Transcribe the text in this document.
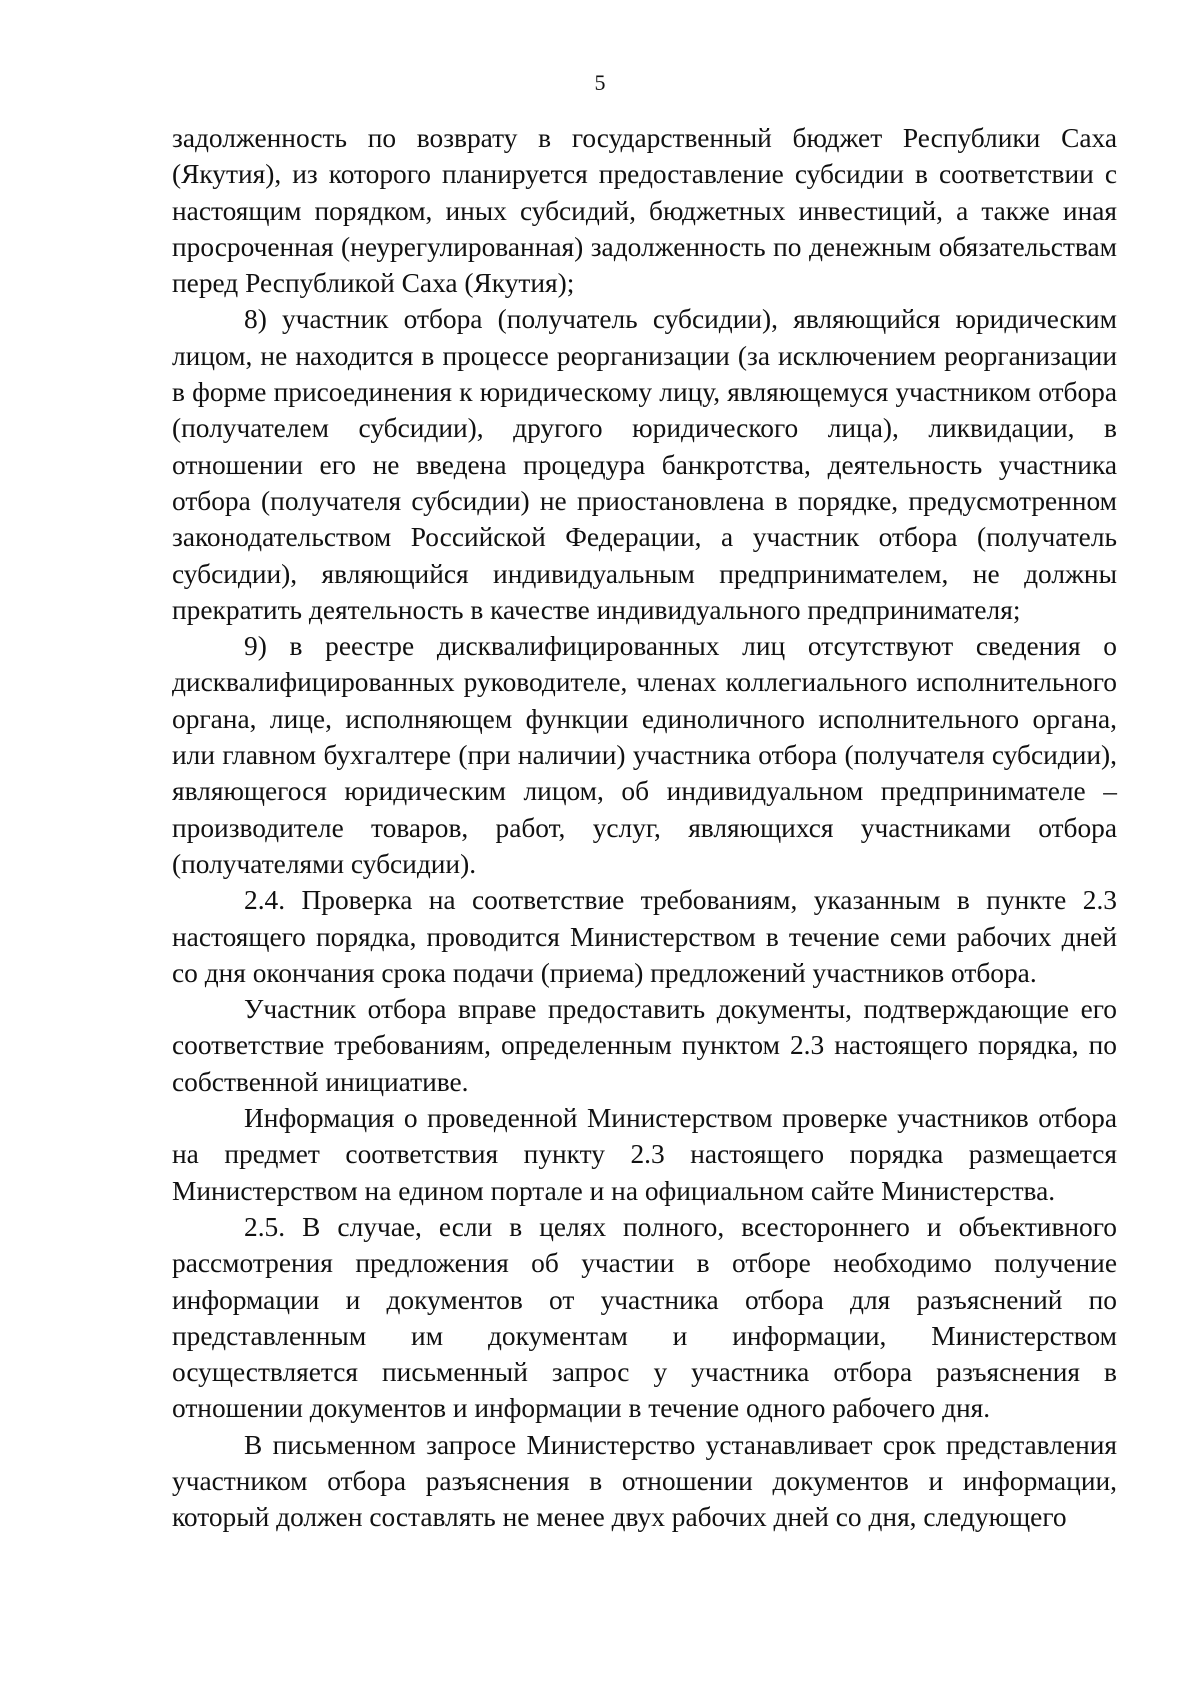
5

задолженность по возврату в государственный бюджет Республики Саха (Якутия), из которого планируется предоставление субсидии в соответствии с настоящим порядком, иных субсидий, бюджетных инвестиций, а также иная просроченная (неурегулированная) задолженность по денежным обязательствам перед Республикой Саха (Якутия);

8) участник отбора (получатель субсидии), являющийся юридическим лицом, не находится в процессе реорганизации (за исключением реорганизации в форме присоединения к юридическому лицу, являющемуся участником отбора (получателем субсидии), другого юридического лица), ликвидации, в отношении его не введена процедура банкротства, деятельность участника отбора (получателя субсидии) не приостановлена в порядке, предусмотренном законодательством Российской Федерации, а участник отбора (получатель субсидии), являющийся индивидуальным предпринимателем, не должны прекратить деятельность в качестве индивидуального предпринимателя;

9) в реестре дисквалифицированных лиц отсутствуют сведения о дисквалифицированных руководителе, членах коллегиального исполнительного органа, лице, исполняющем функции единоличного исполнительного органа, или главном бухгалтере (при наличии) участника отбора (получателя субсидии), являющегося юридическим лицом, об индивидуальном предпринимателе – производителе товаров, работ, услуг, являющихся участниками отбора (получателями субсидии).

2.4. Проверка на соответствие требованиям, указанным в пункте 2.3 настоящего порядка, проводится Министерством в течение семи рабочих дней со дня окончания срока подачи (приема) предложений участников отбора.

Участник отбора вправе предоставить документы, подтверждающие его соответствие требованиям, определенным пунктом 2.3 настоящего порядка, по собственной инициативе.

Информация о проведенной Министерством проверке участников отбора на предмет соответствия пункту 2.3 настоящего порядка размещается Министерством на едином портале и на официальном сайте Министерства.

2.5. В случае, если в целях полного, всестороннего и объективного рассмотрения предложения об участии в отборе необходимо получение информации и документов от участника отбора для разъяснений по представленным им документам и информации, Министерством осуществляется письменный запрос у участника отбора разъяснения в отношении документов и информации в течение одного рабочего дня.

В письменном запросе Министерство устанавливает срок представления участником отбора разъяснения в отношении документов и информации, который должен составлять не менее двух рабочих дней со дня, следующего
